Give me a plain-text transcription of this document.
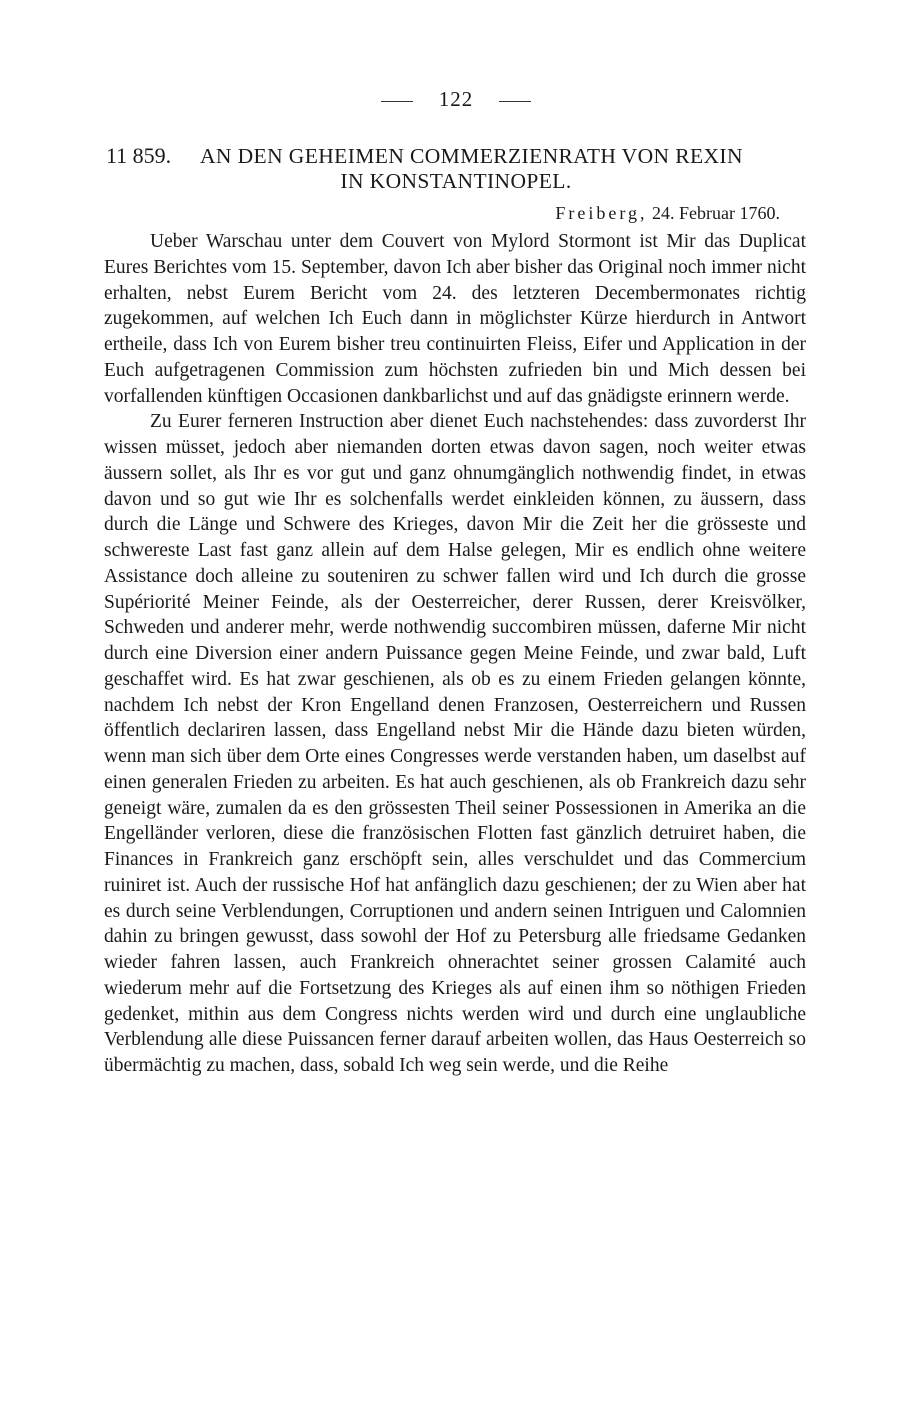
122
11 859. AN DEN GEHEIMEN COMMERZIENRATH VON REXIN
IN KONSTANTINOPEL.
Freiberg, 24. Februar 1760.

Ueber Warschau unter dem Couvert von Mylord Stormont ist Mir das Duplicat Eures Berichtes vom 15. September, davon Ich aber bisher das Original noch immer nicht erhalten, nebst Eurem Bericht vom 24. des letzteren Decembermonates richtig zugekommen, auf welchen Ich Euch dann in möglichster Kürze hierdurch in Antwort ertheile, dass Ich von Eurem bisher treu continuirten Fleiss, Eifer und Application in der Euch aufgetragenen Commission zum höchsten zufrieden bin und Mich dessen bei vorfallenden künftigen Occasionen dankbarlichst und auf das gnädigste erinnern werde.

Zu Eurer ferneren Instruction aber dienet Euch nachstehendes: dass zuvorderst Ihr wissen müsset, jedoch aber niemanden dorten etwas davon sagen, noch weiter etwas äussern sollet, als Ihr es vor gut und ganz ohnumgänglich nothwendig findet, in etwas davon und so gut wie Ihr es solchenfalls werdet einkleiden können, zu äussern, dass durch die Länge und Schwere des Krieges, davon Mir die Zeit her die grösseste und schwereste Last fast ganz allein auf dem Halse gelegen, Mir es endlich ohne weitere Assistance doch alleine zu souteniren zu schwer fallen wird und Ich durch die grosse Supériorité Meiner Feinde, als der Oesterreicher, derer Russen, derer Kreisvölker, Schweden und anderer mehr, werde nothwendig succombiren müssen, daferne Mir nicht durch eine Diversion einer andern Puissance gegen Meine Feinde, und zwar bald, Luft geschaffet wird. Es hat zwar geschienen, als ob es zu einem Frieden gelangen könnte, nachdem Ich nebst der Kron Engelland denen Franzosen, Oesterreichern und Russen öffentlich declariren lassen, dass Engelland nebst Mir die Hände dazu bieten würden, wenn man sich über dem Orte eines Congresses werde verstanden haben, um daselbst auf einen generalen Frieden zu arbeiten. Es hat auch geschienen, als ob Frankreich dazu sehr geneigt wäre, zumalen da es den grössesten Theil seiner Possessionen in Amerika an die Engelländer verloren, diese die französischen Flotten fast gänzlich detruiret haben, die Finances in Frankreich ganz erschöpft sein, alles verschuldet und das Commercium ruiniret ist. Auch der russische Hof hat anfänglich dazu geschienen; der zu Wien aber hat es durch seine Verblendungen, Corruptionen und andern seinen Intriguen und Calomnien dahin zu bringen gewusst, dass sowohl der Hof zu Petersburg alle friedsame Gedanken wieder fahren lassen, auch Frankreich ohnerachtet seiner grossen Calamité auch wiederum mehr auf die Fortsetzung des Krieges als auf einen ihm so nöthigen Frieden gedenket, mithin aus dem Congress nichts werden wird und durch eine unglaubliche Verblendung alle diese Puissancen ferner darauf arbeiten wollen, das Haus Oesterreich so übermächtig zu machen, dass, sobald Ich weg sein werde, und die Reihe
